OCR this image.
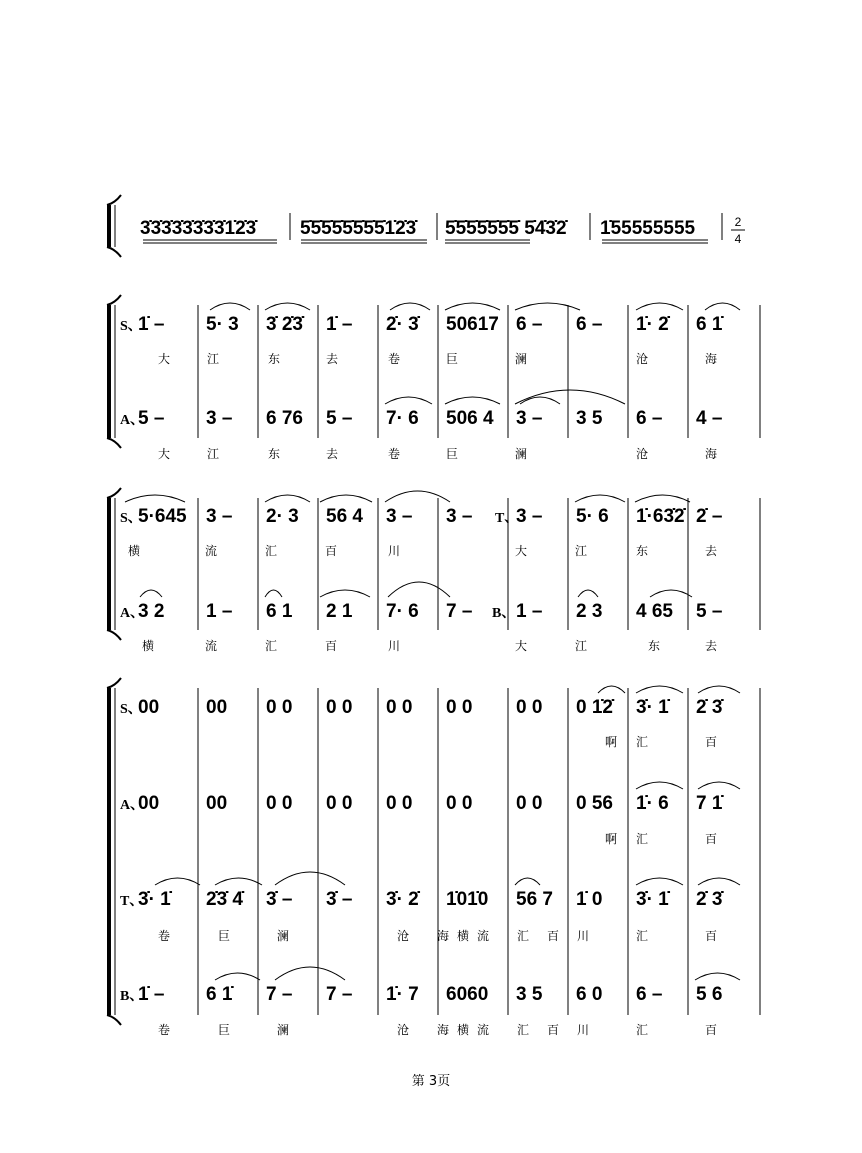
3̇3̇3̇3̇3̇3̇3̇3̇1̇2̇3̇ 5̇5̇5̇5̇5̇5̇5̇5̇1̇2̇3̇ 5̇5̇5̇5̇5̇5̇5̇ 5̇4̇3̇2̇ 1̇55555555	2
4
S、
1̇ – 5· 3 3̇ 2̇3̇ 1̇ – 2̇· 3̇ 50617 6 – 6 – 1̇· 2̇ 6 1̇
大	江	东	去	卷	巨	澜	沧	海
A、
5 – 3 – 6 76 5 – 7· 6 506 4 3 – 3 5 6 – 4 –
大	江	东	去	卷	巨	澜	沧	海
S、	T、
5·645 3 – 2· 3 56 4 3 – 3 – 3 – 5· 6 1̇·63̇2̇ 2̇ –
横	流	汇	百	川	大	江	东	去
A、	B、
3 2 1 – 6 1 2 1 7· 6 7 – 1 – 2 3 4 65 5 –
横	流	汇	百	川	大	江	东	去
S、
00 00 0 0 0 0 0 0 0 0 0 0 0 1̇2̇ 3̇· 1̇ 2̇ 3̇
啊 汇	百
A、
00 00 0 0 0 0 0 0 0 0 0 0 0 56 1̇· 6 7 1̇
啊 汇	百
T、
3̇· 1̇ 2̇3̇ 4̇ 3̇ – 3̇ – 3̇· 2̇ 1̇01̇0 56 7 1̇ 0 3̇· 1̇ 2̇ 3̇
卷	巨	澜	沧 海 横 流 汇 百 川	汇	百
B、
1̇ – 6 1̇ 7 – 7 – 1̇· 7 6060 3 5 6 0 6 – 5 6
卷	巨	澜	沧 海 横 流 汇 百 川	汇	百
第 3页
